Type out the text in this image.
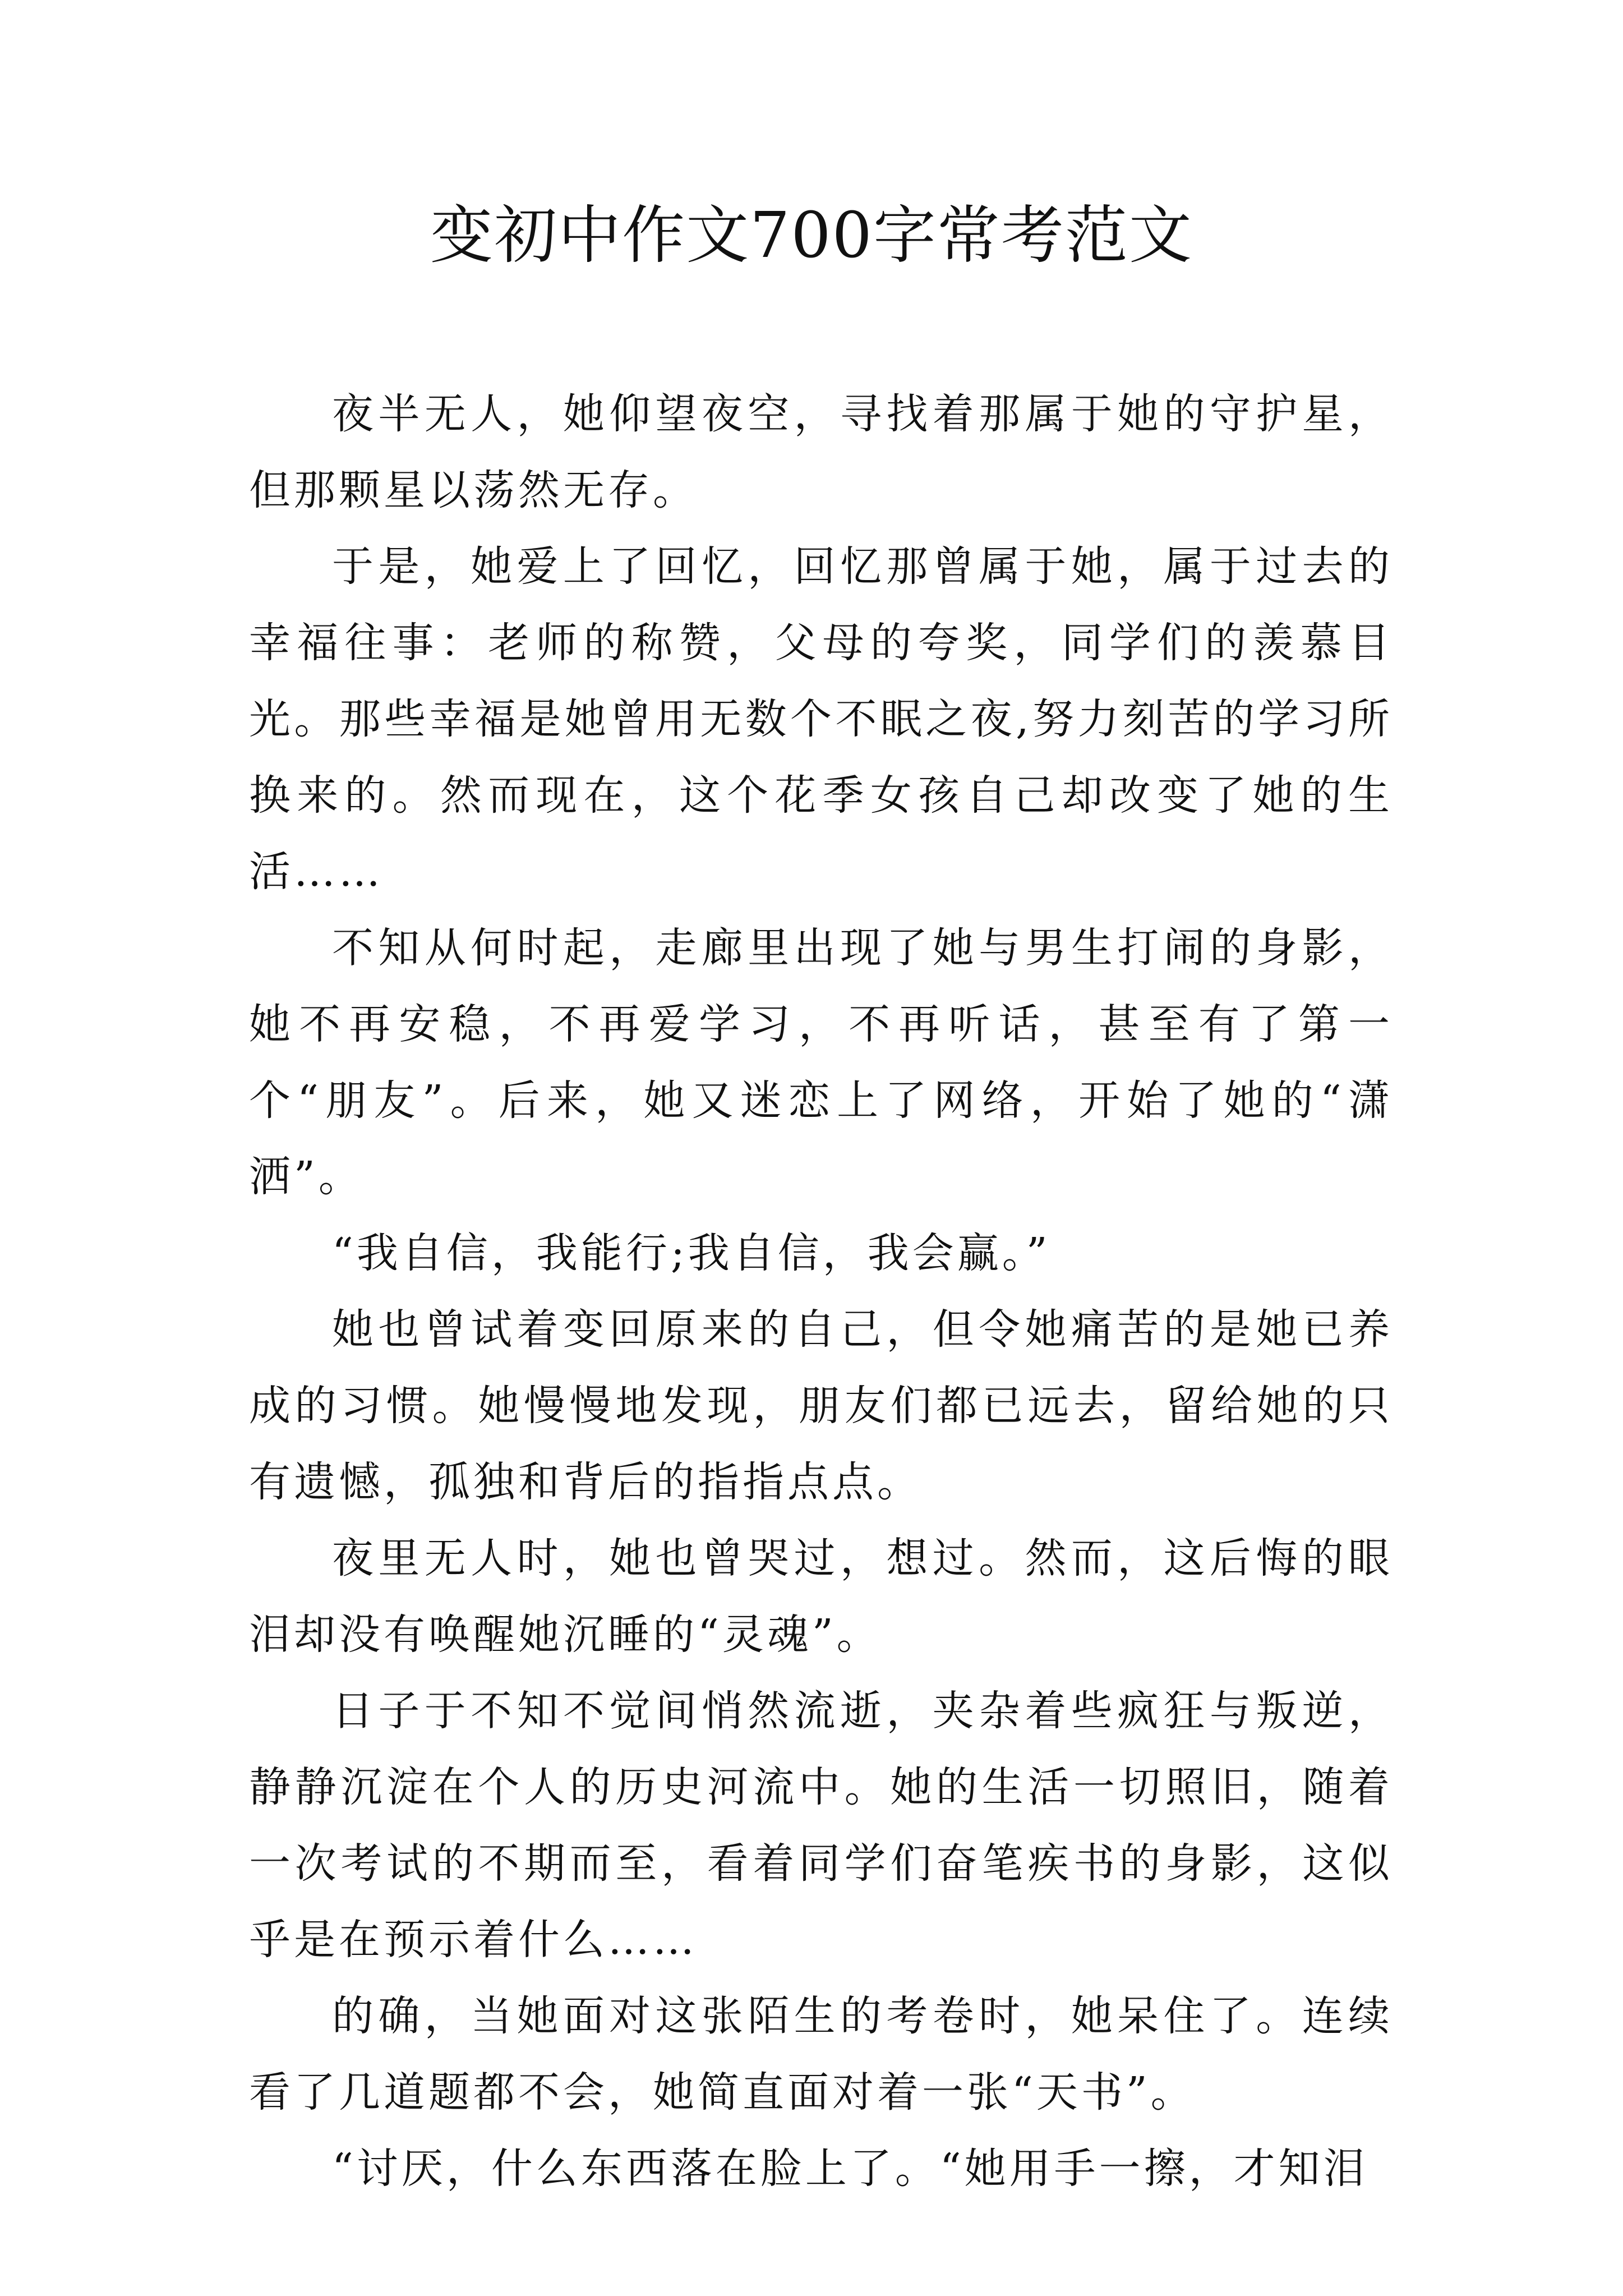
变初中作文700字常考范文

夜半无人，她仰望夜空，寻找着那属于她的守护星，但那颗星以荡然无存。

于是，她爱上了回忆，回忆那曾属于她，属于过去的幸福往事：老师的称赞，父母的夸奖，同学们的羡慕目光。那些幸福是她曾用无数个不眠之夜,努力刻苦的学习所换来的。然而现在，这个花季女孩自己却改变了她的生活……

不知从何时起，走廊里出现了她与男生打闹的身影，她不再安稳，不再爱学习，不再听话，甚至有了第一个“朋友”。后来，她又迷恋上了网络，开始了她的“潇洒”。

“我自信，我能行;我自信，我会赢。”

她也曾试着变回原来的自己，但令她痛苦的是她已养成的习惯。她慢慢地发现，朋友们都已远去，留给她的只有遗憾，孤独和背后的指指点点。

夜里无人时，她也曾哭过，想过。然而，这后悔的眼泪却没有唤醒她沉睡的“灵魂”。

日子于不知不觉间悄然流逝，夹杂着些疯狂与叛逆，静静沉淀在个人的历史河流中。她的生活一切照旧，随着一次考试的不期而至，看着同学们奋笔疾书的身影，这似乎是在预示着什么……

的确，当她面对这张陌生的考卷时，她呆住了。连续看了几道题都不会，她简直面对着一张“天书”。

“讨厌，什么东西落在脸上了。“她用手一擦，才知泪
